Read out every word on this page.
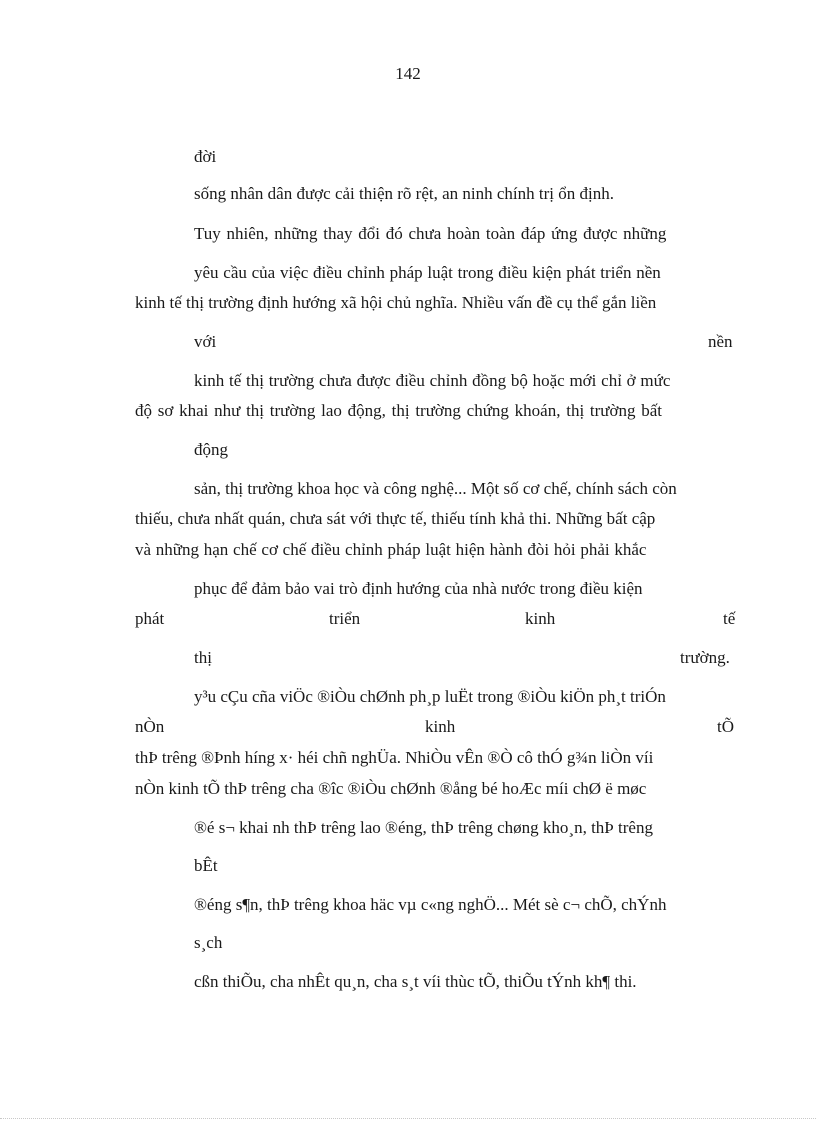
142
đời
sống nhân dân được cải thiện rõ rệt, an ninh chính trị ổn định.
Tuy nhiên, những thay đổi đó chưa hoàn toàn đáp ứng được những
yêu cầu của việc điều chỉnh pháp luật trong điều kiện phát triển nền
kinh tế thị trường định hướng xã hội chủ nghĩa. Nhiều vấn đề cụ thể gắn liền
với	nền
kinh tế thị trường chưa được điều chỉnh đồng bộ hoặc mới chỉ ở mức
độ sơ khai như thị trường lao động, thị trường chứng khoán, thị trường bất
động
sản, thị trường khoa học và công nghệ... Một số cơ chế, chính sách còn
thiếu, chưa nhất quán, chưa sát với thực tế, thiếu tính khả thi. Những bất cập
và những hạn chế cơ chế điều chỉnh pháp luật hiện hành đòi hỏi phải khắc
phục để đảm bảo vai trò định hướng của nhà nước trong điều kiện
phát	triển	kinh	tế
thị	trường.
y³u cÇu cña viÖc ®iÒu chØnh ph¸p luËt trong ®iÒu kiÖn ph¸t triÓn
nÒn	kinh	tÕ
thÞ trêng ®Þnh híng x· héi chñ nghÜa. NhiÒu vÊn ®Ò cô thÓ g¾n liÒn víi
nÒn kinh tÕ thÞ trêng cha ®îc ®iÒu chØnh ®ång bé hoÆc míi chØ ë møc
®é s¬ khai nh thÞ trêng lao ®éng, thÞ trêng chøng kho¸n, thÞ trêng
bÊt
®éng s¶n, thÞ trêng khoa häc vµ c«ng nghÖ... Mét sè c¬ chÕ, chÝnh
s¸ch
cßn thiÕu, cha nhÊt qu¸n, cha s¸t víi thùc tÕ, thiÕu tÝnh kh¶ thi.
